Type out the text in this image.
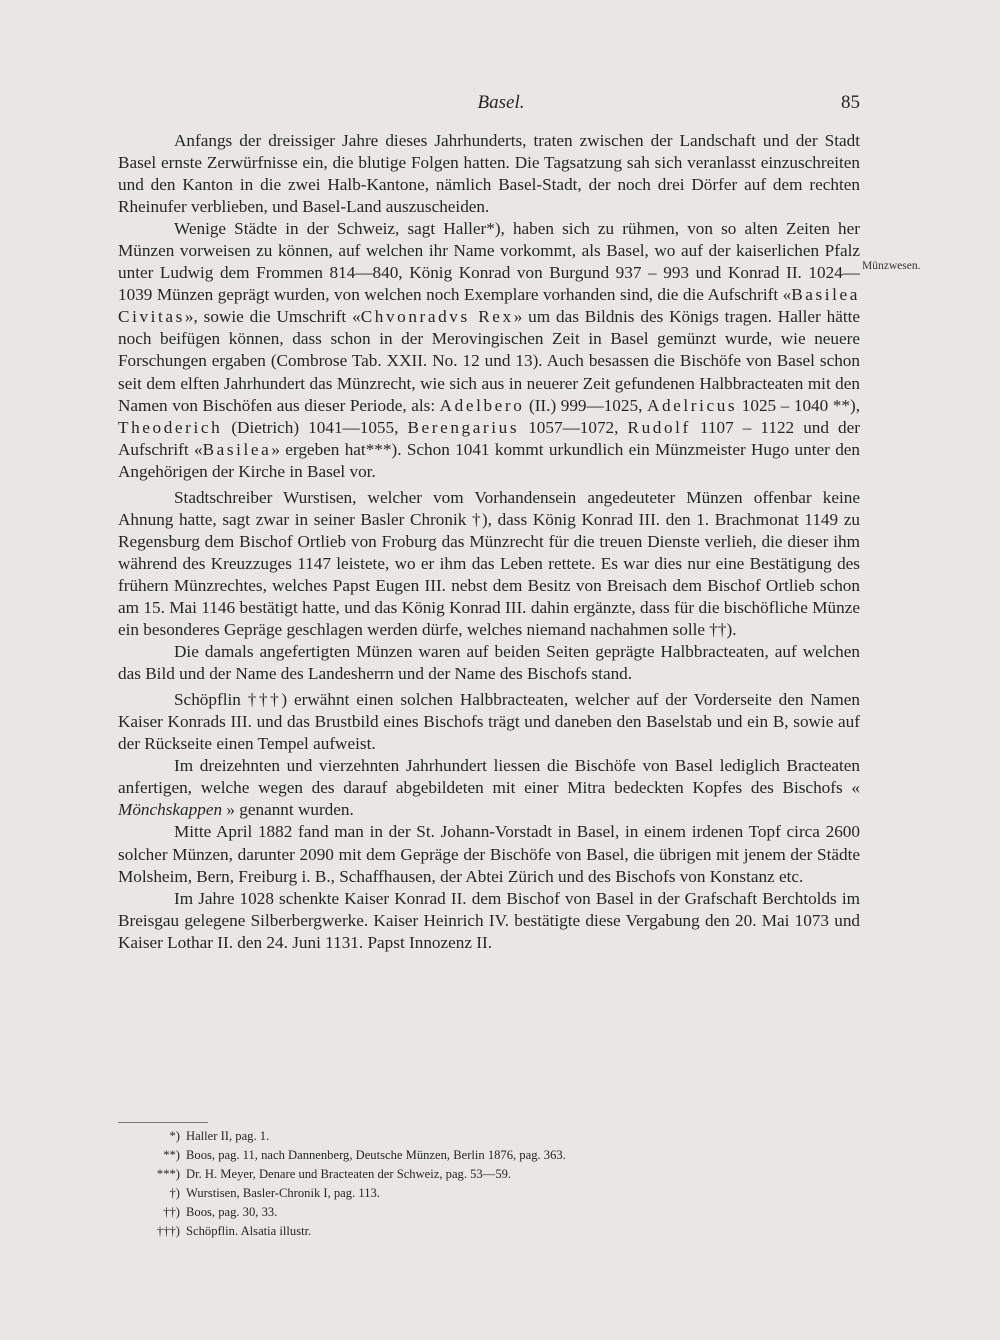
Basel.	85
Münzwesen.

Anfangs der dreissiger Jahre dieses Jahrhunderts, traten zwischen der Landschaft und der Stadt Basel ernste Zerwürfnisse ein, die blutige Folgen hatten. Die Tagsatzung sah sich veranlasst einzuschreiten und den Kanton in die zwei Halb-Kantone, nämlich Basel-Stadt, der noch drei Dörfer auf dem rechten Rheinufer verblieben, und Basel-Land auszuscheiden.

Wenige Städte in der Schweiz, sagt Haller*), haben sich zu rühmen, von so alten Zeiten her Münzen vorweisen zu können, auf welchen ihr Name vorkommt, als Basel, wo auf der kaiserlichen Pfalz unter Ludwig dem Frommen 814—840, König Konrad von Burgund 937 – 993 und Konrad II. 1024—1039 Münzen geprägt wurden, von welchen noch Exemplare vorhanden sind, die die Aufschrift «Basilea Civitas», sowie die Umschrift «Chvonradvs Rex» um das Bildnis des Königs tragen. Haller hätte noch beifügen können, dass schon in der Merovingischen Zeit in Basel gemünzt wurde, wie neuere Forschungen ergaben (Combrose Tab. XXII. No. 12 und 13). Auch besassen die Bischöfe von Basel schon seit dem elften Jahrhundert das Münzrecht, wie sich aus in neuerer Zeit gefundenen Halbbracteaten mit den Namen von Bischöfen aus dieser Periode, als: Adelbero (II.) 999—1025, Adelricus 1025 – 1040 **), Theoderich (Dietrich) 1041—1055, Berengarius 1057—1072, Rudolf 1107 – 1122 und der Aufschrift «Basilea» ergeben hat***). Schon 1041 kommt urkundlich ein Münzmeister Hugo unter den Angehörigen der Kirche in Basel vor.

Stadtschreiber Wurstisen, welcher vom Vorhandensein angedeuteter Münzen offenbar keine Ahnung hatte, sagt zwar in seiner Basler Chronik †), dass König Konrad III. den 1. Brachmonat 1149 zu Regensburg dem Bischof Ortlieb von Froburg das Münzrecht für die treuen Dienste verlieh, die dieser ihm während des Kreuzzuges 1147 leistete, wo er ihm das Leben rettete. Es war dies nur eine Bestätigung des frühern Münzrechtes, welches Papst Eugen III. nebst dem Besitz von Breisach dem Bischof Ortlieb schon am 15. Mai 1146 bestätigt hatte, und das König Konrad III. dahin ergänzte, dass für die bischöfliche Münze ein besonderes Gepräge geschlagen werden dürfe, welches niemand nachahmen solle ††).

Die damals angefertigten Münzen waren auf beiden Seiten geprägte Halbbracteaten, auf welchen das Bild und der Name des Landesherrn und der Name des Bischofs stand.

Schöpflin †††) erwähnt einen solchen Halbbracteaten, welcher auf der Vorderseite den Namen Kaiser Konrads III. und das Brustbild eines Bischofs trägt und daneben den Baselstab und ein B, sowie auf der Rückseite einen Tempel aufweist.

Im dreizehnten und vierzehnten Jahrhundert liessen die Bischöfe von Basel lediglich Bracteaten anfertigen, welche wegen des darauf abgebildeten mit einer Mitra bedeckten Kopfes des Bischofs « Mönchskappen » genannt wurden.

Mitte April 1882 fand man in der St. Johann-Vorstadt in Basel, in einem irdenen Topf circa 2600 solcher Münzen, darunter 2090 mit dem Gepräge der Bischöfe von Basel, die übrigen mit jenem der Städte Molsheim, Bern, Freiburg i. B., Schaffhausen, der Abtei Zürich und des Bischofs von Konstanz etc.

Im Jahre 1028 schenkte Kaiser Konrad II. dem Bischof von Basel in der Grafschaft Berchtolds im Breisgau gelegene Silberbergwerke. Kaiser Heinrich IV. bestätigte diese Vergabung den 20. Mai 1073 und Kaiser Lothar II. den 24. Juni 1131. Papst Innozenz II.

*) Haller II, pag. 1.
**) Boos, pag. 11, nach Dannenberg, Deutsche Münzen, Berlin 1876, pag. 363.
***) Dr. H. Meyer, Denare und Bracteaten der Schweiz, pag. 53—59.
†) Wurstisen, Basler-Chronik I, pag. 113.
††) Boos, pag. 30, 33.
†††) Schöpflin. Alsatia illustr.
